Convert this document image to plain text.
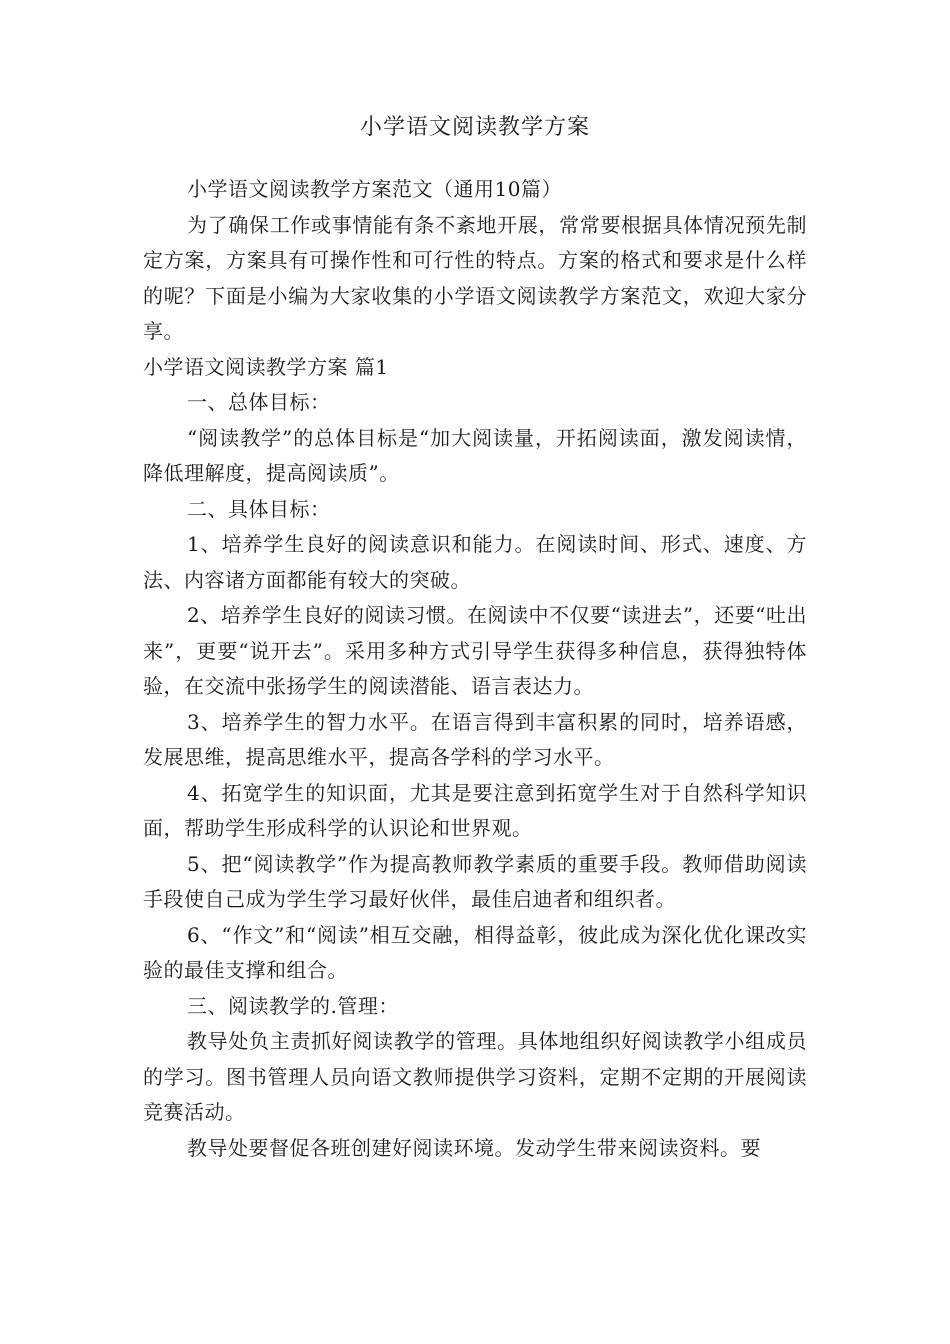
小学语文阅读教学方案

小学语文阅读教学方案范文（通用10篇）

为了确保工作或事情能有条不紊地开展，常常要根据具体情况预先制定方案，方案具有可操作性和可行性的特点。方案的格式和要求是什么样的呢？下面是小编为大家收集的小学语文阅读教学方案范文，欢迎大家分享。

小学语文阅读教学方案 篇1

一、总体目标：

“阅读教学”的总体目标是“加大阅读量，开拓阅读面，激发阅读情，降低理解度，提高阅读质”。

二、具体目标：

1、培养学生良好的阅读意识和能力。在阅读时间、形式、速度、方法、内容诸方面都能有较大的突破。

2、培养学生良好的阅读习惯。在阅读中不仅要“读进去”，还要“吐出来”，更要“说开去”。采用多种方式引导学生获得多种信息，获得独特体验，在交流中张扬学生的阅读潜能、语言表达力。

3、培养学生的智力水平。在语言得到丰富积累的同时，培养语感，发展思维，提高思维水平，提高各学科的学习水平。

4、拓宽学生的知识面，尤其是要注意到拓宽学生对于自然科学知识面，帮助学生形成科学的认识论和世界观。

5、把“阅读教学”作为提高教师教学素质的重要手段。教师借助阅读手段使自己成为学生学习最好伙伴，最佳启迪者和组织者。

6、“作文”和“阅读”相互交融，相得益彰，彼此成为深化优化课改实验的最佳支撑和组合。

三、阅读教学的.管理：

教导处负主责抓好阅读教学的管理。具体地组织好阅读教学小组成员的学习。图书管理人员向语文教师提供学习资料，定期不定期的开展阅读竞赛活动。

教导处要督促各班创建好阅读环境。发动学生带来阅读资料。要
